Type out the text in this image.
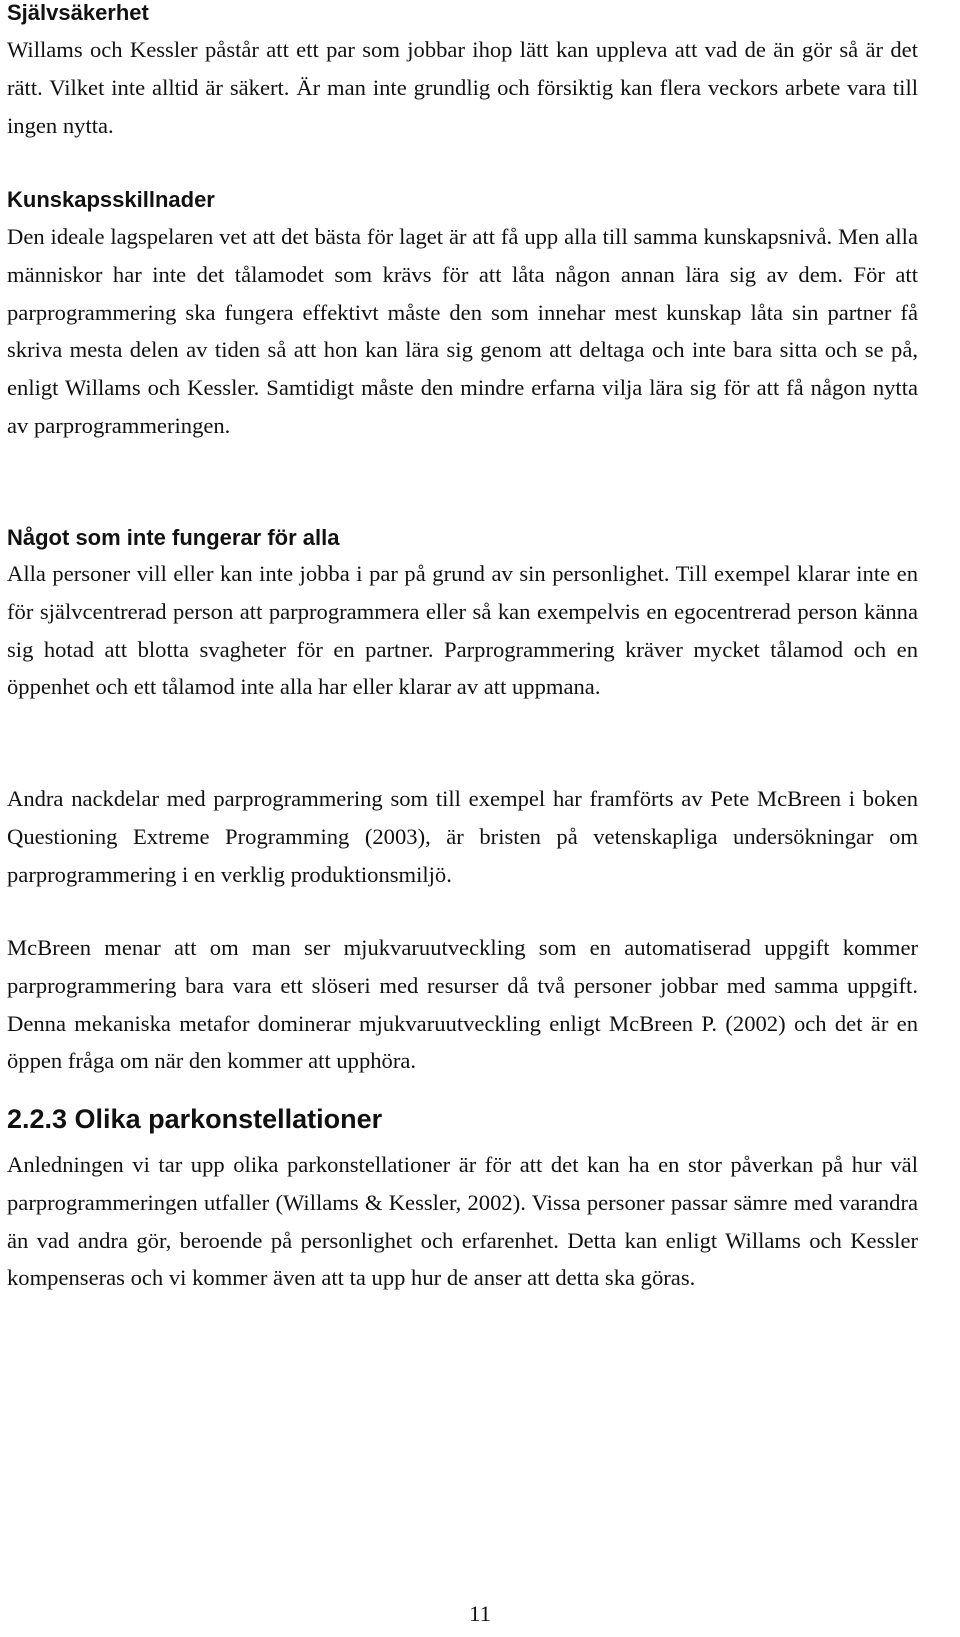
Självsäkerhet

Willams och Kessler påstår att ett par som jobbar ihop lätt kan uppleva att vad de än gör så är det rätt. Vilket inte alltid är säkert. Är man inte grundlig och försiktig kan flera veckors arbete vara till ingen nytta.

Kunskapsskillnader

Den ideale lagspelaren vet att det bästa för laget är att få upp alla till samma kunskapsnivå. Men alla människor har inte det tålamodet som krävs för att låta någon annan lära sig av dem. För att parprogrammering ska fungera effektivt måste den som innehar mest kunskap låta sin partner få skriva mesta delen av tiden så att hon kan lära sig genom att deltaga och inte bara sitta och se på, enligt Willams och Kessler. Samtidigt måste den mindre erfarna vilja lära sig för att få någon nytta av parprogrammeringen.

Något som inte fungerar för alla

Alla personer vill eller kan inte jobba i par på grund av sin personlighet. Till exempel klarar inte en för självcentrerad person att parprogrammera eller så kan exempelvis en egocentrerad person känna sig hotad att blotta svagheter för en partner. Parprogrammering kräver mycket tålamod och en öppenhet och ett tålamod inte alla har eller klarar av att uppmana.

Andra nackdelar med parprogrammering som till exempel har framförts av Pete McBreen i boken Questioning Extreme Programming (2003), är bristen på vetenskapliga undersökningar om parprogrammering i en verklig produktionsmiljö.

McBreen menar att om man ser mjukvaruutveckling som en automatiserad uppgift kommer parprogrammering bara vara ett slöseri med resurser då två personer jobbar med samma uppgift. Denna mekaniska metafor dominerar mjukvaruutveckling enligt McBreen P. (2002) och det är en öppen fråga om när den kommer att upphöra.

2.2.3 Olika parkonstellationer

Anledningen vi tar upp olika parkonstellationer är för att det kan ha en stor påverkan på hur väl parprogrammeringen utfaller (Willams & Kessler, 2002). Vissa personer passar sämre med varandra än vad andra gör, beroende på personlighet och erfarenhet. Detta kan enligt Willams och Kessler kompenseras och vi kommer även att ta upp hur de anser att detta ska göras.

11
